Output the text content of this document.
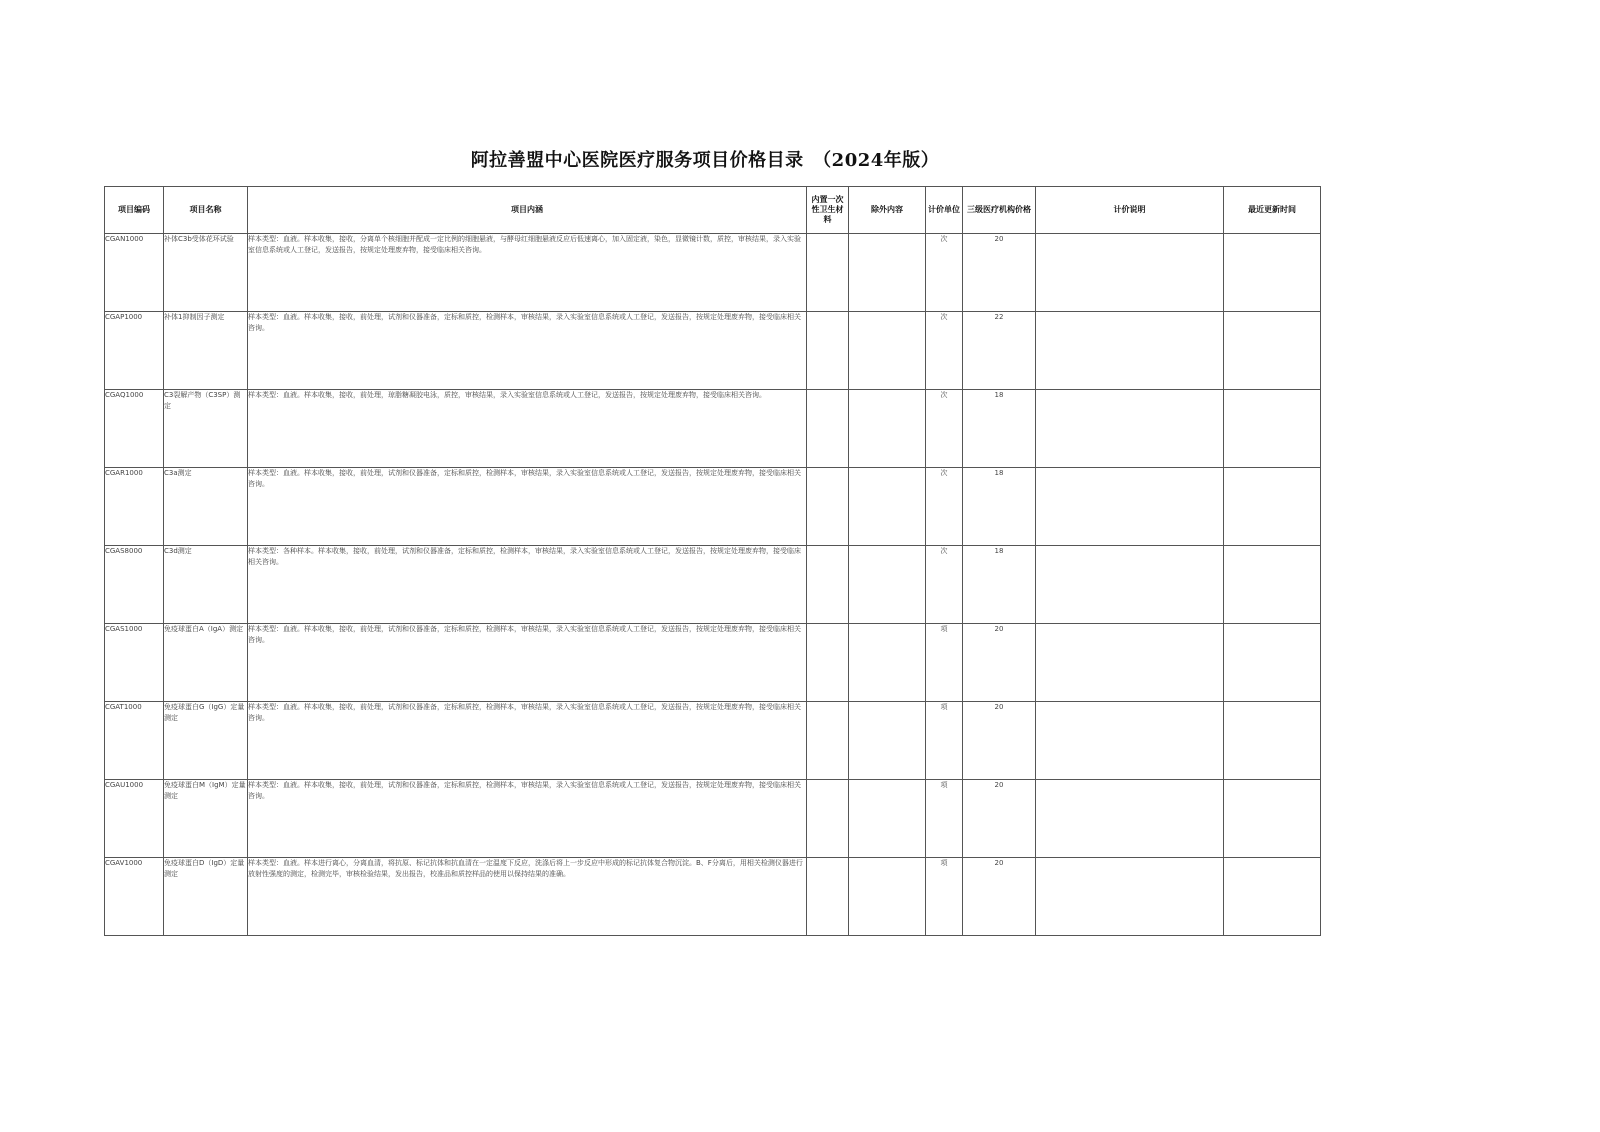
阿拉善盟中心医院医疗服务项目价格目录　（2024年版）
项目编码	项目名称	项目内涵	内置一次性卫生材料	除外内容	计价单位	三级医疗机构价格	计价说明	最近更新时间
CGAN1000	补体C3b受体花环试验	样本类型：血液。样本收集，接收，分离单个核细胞并配成一定比例的细胞悬液，与酵母红细胞悬液反应后低速离心，加入固定液，染色，显微镜计数，质控，审核结果，录入实验室信息系统或人工登记，发送报告，按规定处理废弃物，接受临床相关咨询。			次	20		
CGAP1000	补体1抑制因子测定	样本类型：血液。样本收集，接收，前处理，试剂和仪器准备，定标和质控，检测样本，审核结果，录入实验室信息系统或人工登记，发送报告，按规定处理废弃物，接受临床相关咨询。			次	22		
CGAQ1000	C3裂解产物（C3SP）测定	样本类型：血液。样本收集，接收，前处理，琼脂糖凝胶电泳，质控，审核结果，录入实验室信息系统或人工登记，发送报告，按规定处理废弃物，接受临床相关咨询。			次	18		
CGAR1000	C3a测定	样本类型：血液。样本收集，接收，前处理，试剂和仪器准备，定标和质控，检测样本，审核结果，录入实验室信息系统或人工登记，发送报告，按规定处理废弃物，接受临床相关咨询。			次	18		
CGAS8000	C3d测定	样本类型：各种样本。样本收集，接收，前处理，试剂和仪器准备，定标和质控，检测样本，审核结果，录入实验室信息系统或人工登记，发送报告，按规定处理废弃物，接受临床相关咨询。			次	18		
CGAS1000	免疫球蛋白A（IgA）测定	样本类型：血液。样本收集，接收，前处理，试剂和仪器准备，定标和质控，检测样本，审核结果，录入实验室信息系统或人工登记，发送报告，按规定处理废弃物，接受临床相关咨询。			项	20		
CGAT1000	免疫球蛋白G（IgG）定量测定	样本类型：血液。样本收集，接收，前处理，试剂和仪器准备，定标和质控，检测样本，审核结果，录入实验室信息系统或人工登记，发送报告，按规定处理废弃物，接受临床相关咨询。			项	20		
CGAU1000	免疫球蛋白M（IgM）定量测定	样本类型：血液。样本收集，接收，前处理，试剂和仪器准备，定标和质控，检测样本，审核结果，录入实验室信息系统或人工登记，发送报告，按规定处理废弃物，接受临床相关咨询。			项	20		
CGAV1000	免疫球蛋白D（IgD）定量测定	样本类型：血液。样本进行离心，分离血清，将抗原、标记抗体和抗血清在一定温度下反应，洗涤后将上一步反应中形成的标记抗体复合物沉淀。B、F分离后，用相关检测仪器进行放射性强度的测定，检测完毕，审核检验结果，发出报告，校准品和质控样品的使用以保持结果的准确。			项	20		
